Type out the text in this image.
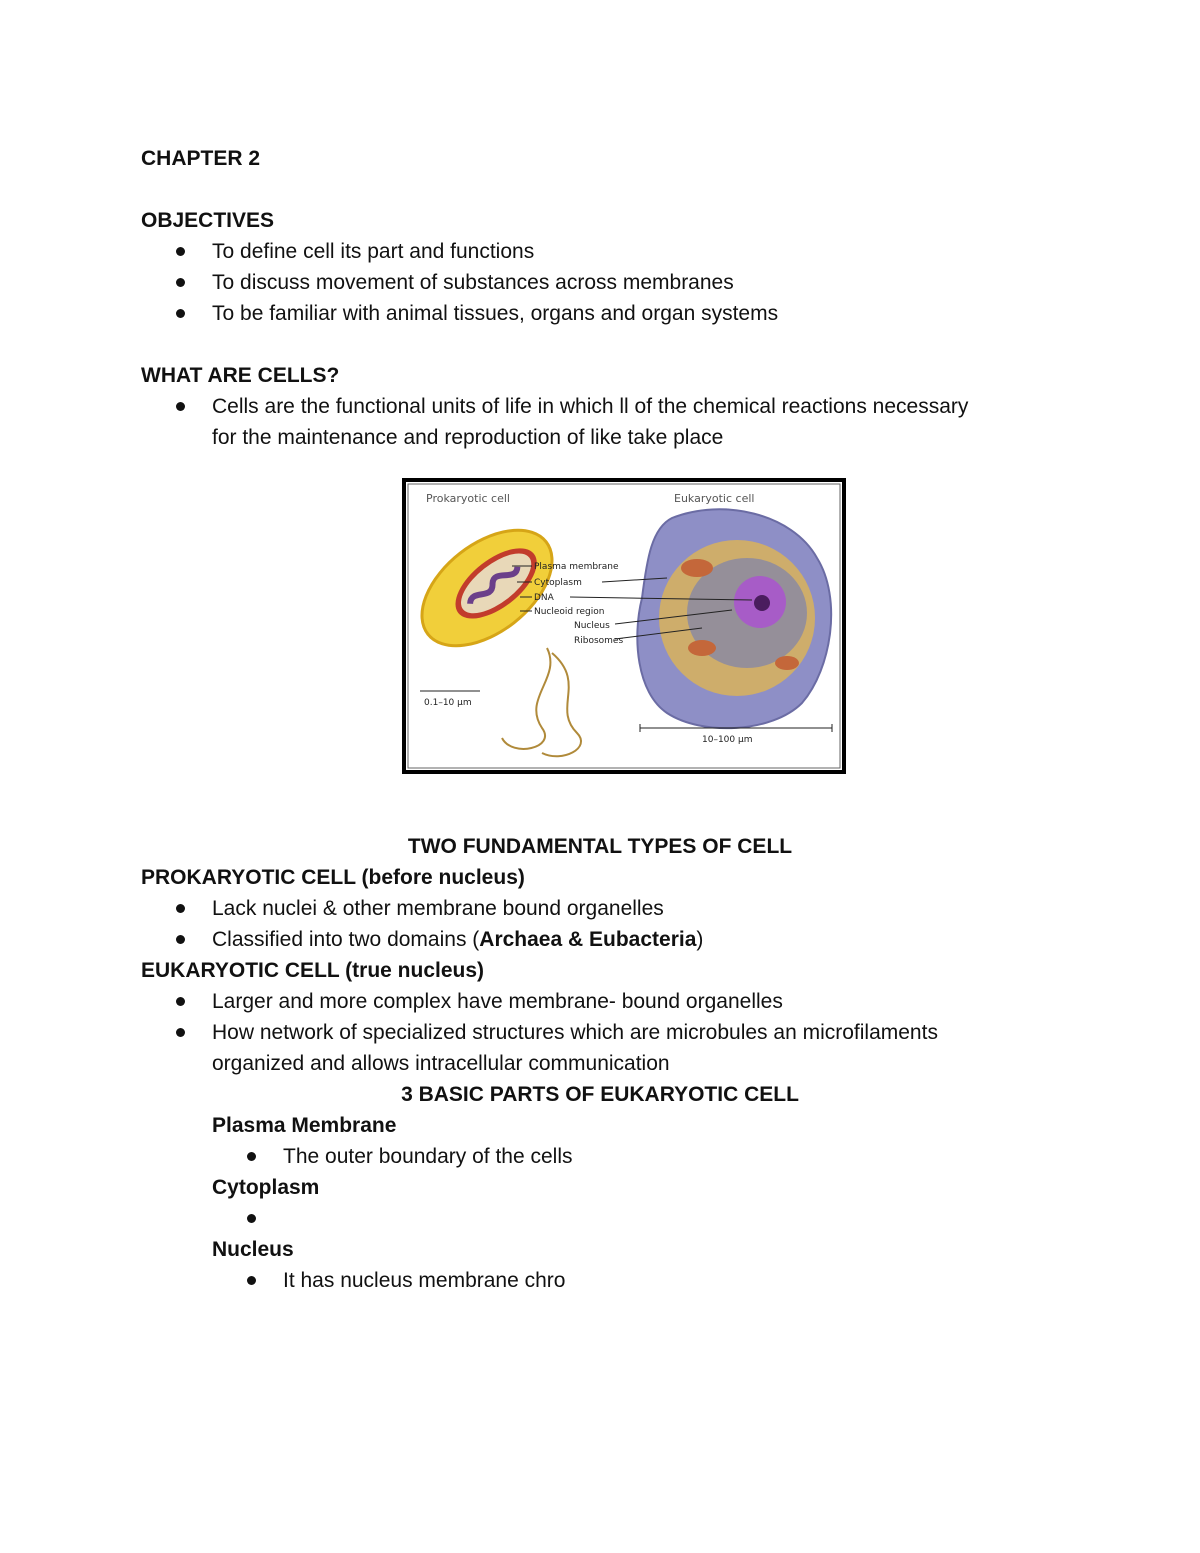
CHAPTER 2
OBJECTIVES
To define cell its part and functions
To discuss movement of substances across membranes
To be familiar with animal tissues, organs and organ systems
WHAT ARE CELLS?
Cells are the functional units of life in which ll of the chemical reactions necessary
for the maintenance and reproduction of like take place
Prokaryotic cell	Eukaryotic cell
Plasma membrane
Cytoplasm
DNA
Nucleoid region
Nucleus
Ribosomes
0.1–10 μm
10–100 μm
TWO FUNDAMENTAL TYPES OF CELL
PROKARYOTIC CELL (before nucleus)
Lack nuclei & other membrane bound organelles
Classified into two domains (Archaea & Eubacteria)
EUKARYOTIC CELL (true nucleus)
Larger and more complex have membrane- bound organelles
How network of specialized structures which are microbules an microfilaments
organized and allows intracellular communication
3 BASIC PARTS OF EUKARYOTIC CELL
Plasma Membrane
The outer boundary of the cells
Cytoplasm
Nucleus
It has nucleus membrane chro
